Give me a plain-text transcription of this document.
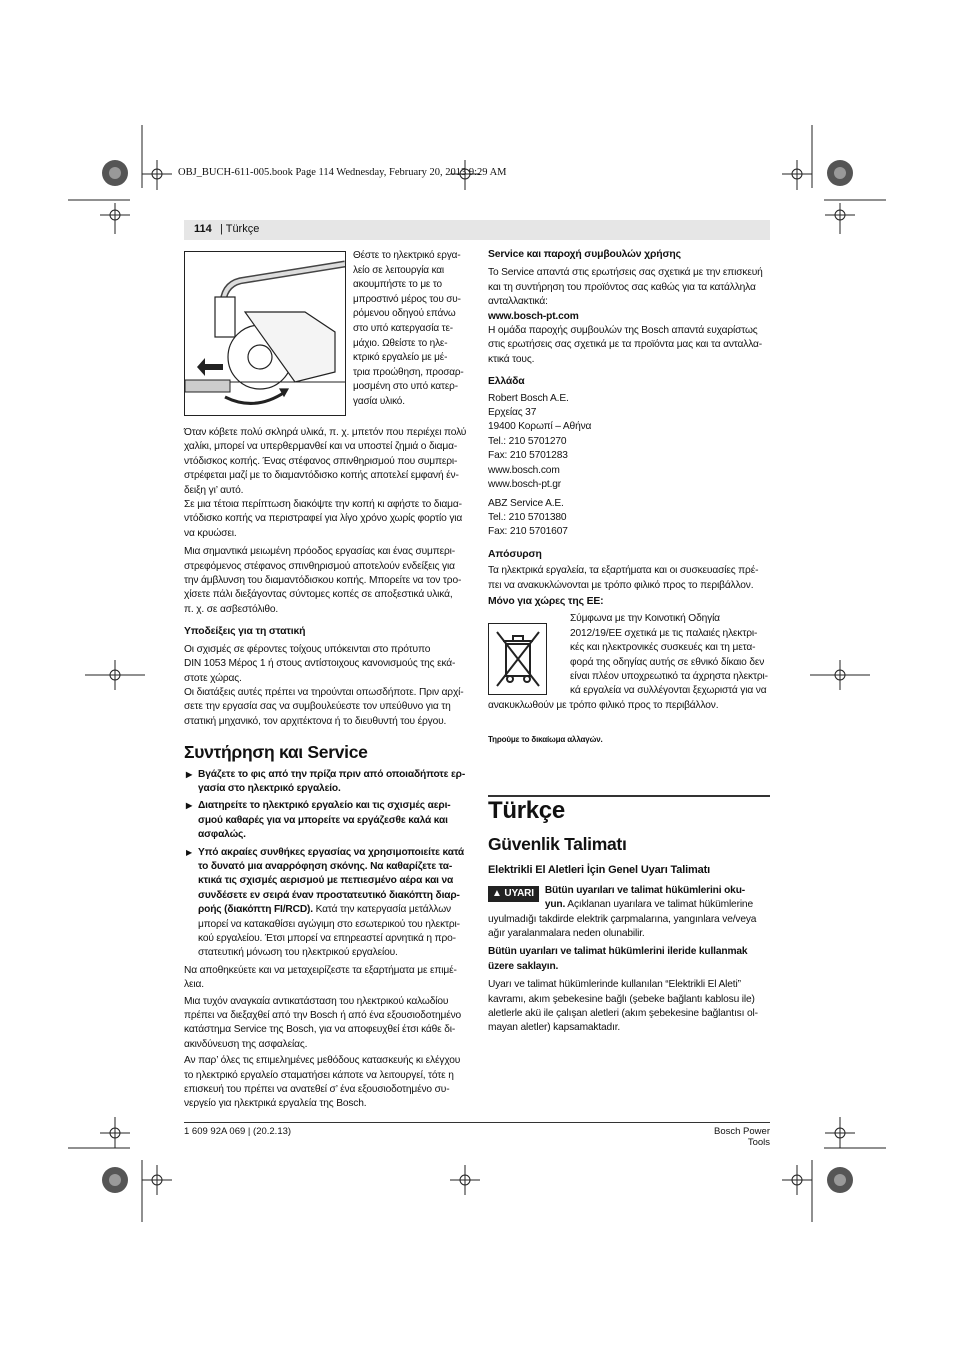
OBJ_BUCH-611-005.book Page 114 Wednesday, February 20, 2013 9:29 AM
114 | Türkçe
Θέστε το ηλεκτρικό εργα-
λείο σε λειτουργία και
ακουμπήστε το με το
μπροστινό μέρος του συ-
ρόμενου οδηγού επάνω
στο υπό κατεργασία τε-
μάχιο. Ωθείστε το ηλε-
κτρικό εργαλείο με μέ-
τρια προώθηση, προσαρ-
μοσμένη στο υπό κατερ-
γασία υλικό.

Όταν κόβετε πολύ σκληρά υλικά, π. χ. μπετόν που περιέχει πολύ
χαλίκι, μπορεί να υπερθερμανθεί και να υποστεί ζημιά ο διαμα-
ντόδισκος κοπής. Ένας στέφανος σπινθηρισμού που συμπερι-
στρέφεται μαζί με το διαμαντόδισκο κοπής αποτελεί εμφανή έν-
δειξη γι’ αυτό.

Σε μια τέτοια περίπτωση διακόψτε την κοπή κι αφήστε το διαμα-
ντόδισκο κοπής να περιστραφεί για λίγο χρόνο χωρίς φορτίο για
να κρυώσει.

Μια σημαντικά μειωμένη πρόοδος εργασίας και ένας συμπερι-
στρεφόμενος στέφανος σπινθηρισμού αποτελούν ενδείξεις για
την άμβλυνση του διαμαντόδισκου κοπής. Μπορείτε να τον τρο-
χίσετε πάλι διεξάγοντας σύντομες κοπές σε αποξεστικά υλικά,
π. χ. σε ασβεστόλιθο.

Υποδείξεις για τη στατική

Οι σχισμές σε φέροντες τοίχους υπόκεινται στο πρότυπο
DIN 1053 Μέρος 1 ή στους αντίστοιχους κανονισμούς της εκά-
στοτε χώρας.

Οι διατάξεις αυτές πρέπει να τηρούνται οπωσδήποτε. Πριν αρχί-
σετε την εργασία σας να συμβουλεύεστε τον υπεύθυνο για τη
στατική μηχανικό, τον αρχιτέκτονα ή το διευθυντή του έργου.

Συντήρηση και Service
▶ Βγάζετε το φις από την πρίζα πριν από οποιαδήποτε ερ-
γασία στο ηλεκτρικό εργαλείο.
▶ Διατηρείτε το ηλεκτρικό εργαλείο και τις σχισμές αερι-
σμού καθαρές για να μπορείτε να εργάζεσθε καλά και
ασφαλώς.
▶ Υπό ακραίες συνθήκες εργασίας να χρησιμοποιείτε κατά
το δυνατό μια αναρρόφηση σκόνης. Να καθαρίζετε τα-
κτικά τις σχισμές αερισμού με πεπιεσμένο αέρα και να
συνδέσετε εν σειρά έναν προστατευτικό διακόπτη διαρ-
ροής (διακόπτη FI/RCD). Κατά την κατεργασία μετάλλων
μπορεί να κατακαθίσει αγώγιμη στο εσωτερικού του ηλεκτρι-
κού εργαλείου. Έτσι μπορεί να επηρεαστεί αρνητικά η προ-
στατευτική μόνωση του ηλεκτρικού εργαλείου.

Να αποθηκεύετε και να μεταχειρίζεστε τα εξαρτήματα με επιμέ-
λεια.

Μια τυχόν αναγκαία αντικατάσταση του ηλεκτρικού καλωδίου
πρέπει να διεξαχθεί από την Bosch ή από ένα εξουσιοδοτημένο
κατάστημα Service της Bosch, για να αποφευχθεί έτσι κάθε δι-
ακινδύνευση της ασφαλείας.

Αν παρ’ όλες τις επιμελημένες μεθόδους κατασκευής κι ελέγχου
το ηλεκτρικό εργαλείο σταματήσει κάποτε να λειτουργεί, τότε η
επισκευή του πρέπει να ανατεθεί σ’ ένα εξουσιοδοτημένο συ-
νεργείο για ηλεκτρικά εργαλεία της Bosch.

Service και παροχή συμβουλών χρήσης

Το Service απαντά στις ερωτήσεις σας σχετικά με την επισκευή
και τη συντήρηση του προϊόντος σας καθώς για τα κατάλληλα
ανταλλακτικά:

www.bosch-pt.com

Η ομάδα παροχής συμβουλών της Bosch απαντά ευχαρίστως
στις ερωτήσεις σας σχετικά με τα προϊόντα μας και τα ανταλλα-
κτικά τους.

Ελλάδα

Robert Bosch A.E.
Ερχείας 37
19400 Κορωπί – Αθήνα
Tel.: 210 5701270
Fax: 210 5701283
www.bosch.com
www.bosch-pt.gr

ABZ Service A.E.
Tel.: 210 5701380
Fax: 210 5701607

Απόσυρση

Τα ηλεκτρικά εργαλεία, τα εξαρτήματα και οι συσκευασίες πρέ-
πει να ανακυκλώνονται με τρόπο φιλικό προς το περιβάλλον.

Μόνο για χώρες της ΕΕ:
Σύμφωνα με την Κοινοτική Οδηγία
2012/19/ΕΕ σχετικά με τις παλαιές ηλεκτρι-
κές και ηλεκτρονικές συσκευές και τη μετα-
φορά της οδηγίας αυτής σε εθνικό δίκαιο δεν
είναι πλέον υποχρεωτικό τα άχρηστα ηλεκτρι-
κά εργαλεία να συλλέγονται ξεχωριστά για να
ανακυκλωθούν με τρόπο φιλικό προς το περιβάλλον.
Τηρούμε το δικαίωμα αλλαγών.
Türkçe
Güvenlik Talimatı
Elektrikli El Aletleri İçin Genel Uyarı Talimatı
▲ UYARI	Bütün uyarıları ve talimat hükümlerini oku-
yun. Açıklanan uyarılara ve talimat hükümlerine
uyulmadığı takdirde elektrik çarpmalarına, yangınlara ve/veya
ağır yaralanmalara neden olunabilir.

Bütün uyarıları ve talimat hükümlerini ileride kullanmak
üzere saklayın.

Uyarı ve talimat hükümlerinde kullanılan “Elektrikli El Aleti”
kavramı, akım şebekesine bağlı (şebeke bağlantı kablosu ile)
aletlerle akü ile çalışan aletleri (akım şebekesine bağlantısı ol-
mayan aletler) kapsamaktadır.

1 609 92A 069 | (20.2.13)	Bosch Power Tools
